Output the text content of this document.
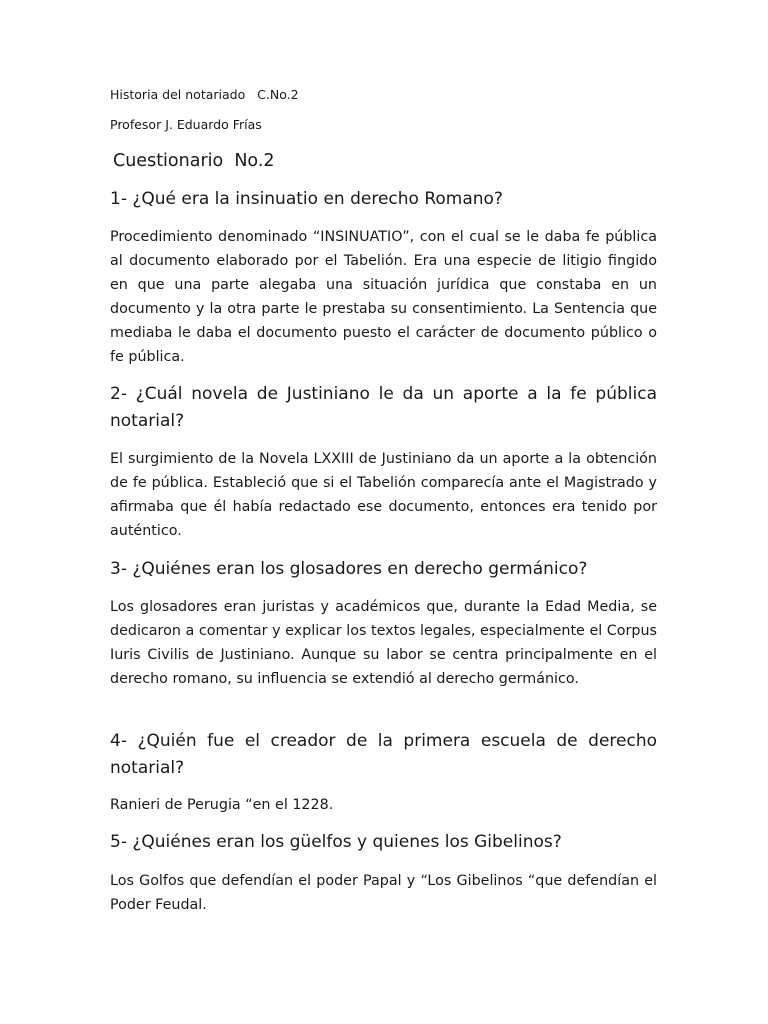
Historia del notariado   C.No.2
Profesor J. Eduardo Frías
Cuestionario  No.2
1- ¿Qué era la insinuatio en derecho Romano?
Procedimiento denominado “INSINUATIO”, con el cual se le daba fe pública al documento elaborado por el Tabelión. Era una especie de litigio fingido en que una parte alegaba una situación jurídica que constaba en un documento y la otra parte le prestaba su consentimiento. La Sentencia que mediaba le daba el documento puesto el carácter de documento público o fe pública.
2- ¿Cuál novela de Justiniano le da un aporte a la fe pública notarial?
El surgimiento de la Novela LXXIII de Justiniano da un aporte a la obtención de fe pública. Estableció que si el Tabelión comparecía ante el Magistrado y afirmaba que él había redactado ese documento, entonces era tenido por auténtico.
3- ¿Quiénes eran los glosadores en derecho germánico?
Los glosadores eran juristas y académicos que, durante la Edad Media, se dedicaron a comentar y explicar los textos legales, especialmente el Corpus Iuris Civilis de Justiniano. Aunque su labor se centra principalmente en el derecho romano, su influencia se extendió al derecho germánico.
4- ¿Quién fue el creador de la primera escuela de derecho notarial?
Ranieri de Perugia “en el 1228.
5- ¿Quiénes eran los güelfos y quienes los Gibelinos?
Los Golfos que defendían el poder Papal y “Los Gibelinos “que defendían el Poder Feudal.
